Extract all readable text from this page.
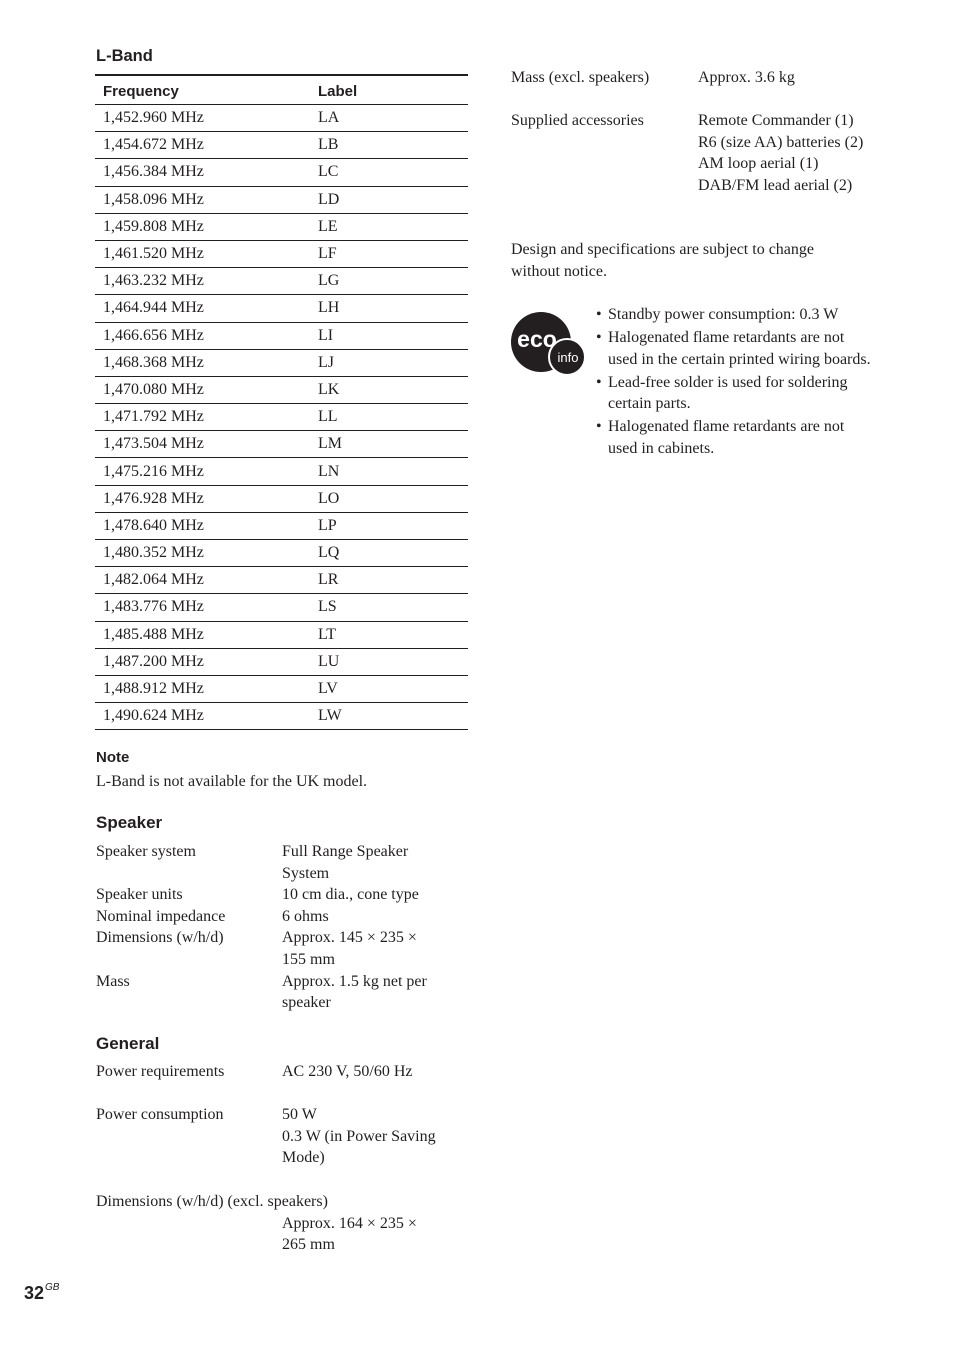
L-Band
Frequency	Label
1,452.960 MHz	LA
1,454.672 MHz	LB
1,456.384 MHz	LC
1,458.096 MHz	LD
1,459.808 MHz	LE
1,461.520 MHz	LF
1,463.232 MHz	LG
1,464.944 MHz	LH
1,466.656 MHz	LI
1,468.368 MHz	LJ
1,470.080 MHz	LK
1,471.792 MHz	LL
1,473.504 MHz	LM
1,475.216 MHz	LN
1,476.928 MHz	LO
1,478.640 MHz	LP
1,480.352 MHz	LQ
1,482.064 MHz	LR
1,483.776 MHz	LS
1,485.488 MHz	LT
1,487.200 MHz	LU
1,488.912 MHz	LV
1,490.624 MHz	LW
Note
L-Band is not available for the UK model.
Speaker
Speaker system	Full Range Speaker
System
Speaker units	10 cm dia., cone type
Nominal impedance	6 ohms
Dimensions (w/h/d)	Approx. 145 × 235 ×
155 mm
Mass	Approx. 1.5 kg net per
speaker
General
Power requirements	AC 230 V, 50/60 Hz
Power consumption	50 W
0.3 W (in Power Saving
Mode)
Dimensions (w/h/d) (excl. speakers)
Approx. 164 × 235 ×
265 mm
Mass (excl. speakers)	Approx. 3.6 kg
Supplied accessories	Remote Commander (1)
R6 (size AA) batteries (2)
AM loop aerial (1)
DAB/FM lead aerial (2)
Design and specifications are subject to change
without notice.
eco
info
• Standby power consumption: 0.3 W
• Halogenated flame retardants are not
used in the certain printed wiring boards.
• Lead-free solder is used for soldering
certain parts.
• Halogenated flame retardants are not
used in cabinets.
$32^{GB}$
